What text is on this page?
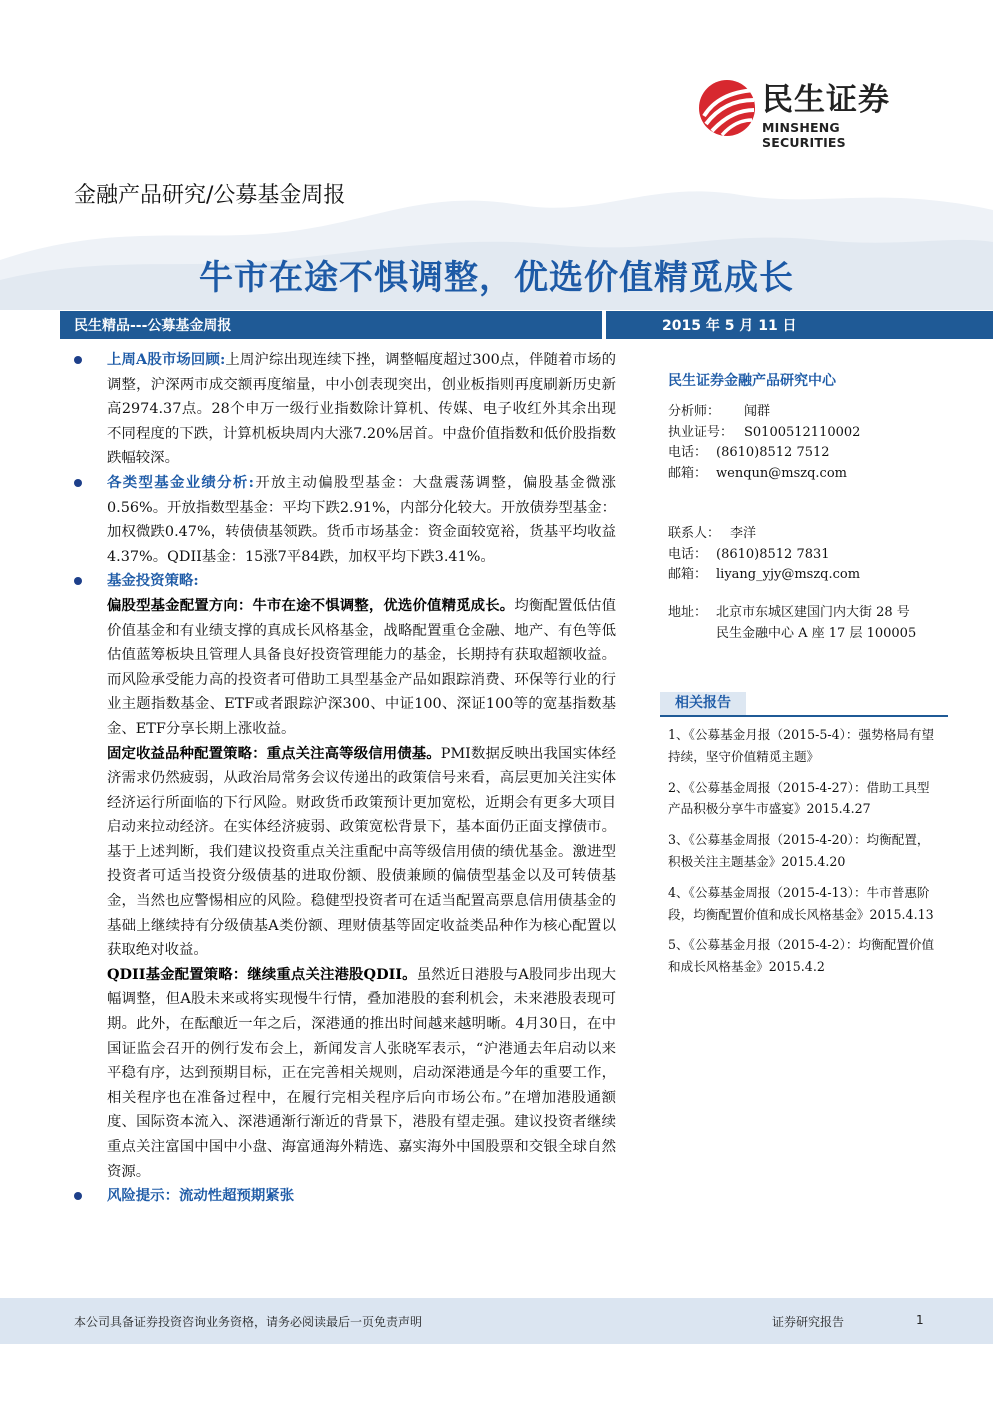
民生证券
MINSHENG SECURITIES
金融产品研究/公募基金周报
牛市在途不惧调整，优选价值精觅成长
民生精品---公募基金周报	2015 年 5 月 11 日
上周A股市场回顾:上周沪综出现连续下挫，调整幅度超过300点，伴随着市场的调整，沪深两市成交额再度缩量，中小创表现突出，创业板指则再度刷新历史新高2974.37点。28个申万一级行业指数除计算机、传媒、电子收红外其余出现不同程度的下跌，计算机板块周内大涨7.20%居首。中盘价值指数和低价股指数跌幅较深。
各类型基金业绩分析:开放主动偏股型基金：大盘震荡调整，偏股基金微涨0.56%。开放指数型基金：平均下跌2.91%，内部分化较大。开放债券型基金：加权微跌0.47%，转债债基领跌。货币市场基金：资金面较宽裕，货基平均收益4.37%。QDII基金：15涨7平84跌，加权平均下跌3.41%。
基金投资策略:
偏股型基金配置方向：牛市在途不惧调整，优选价值精觅成长。均衡配置低估值价值基金和有业绩支撑的真成长风格基金，战略配置重仓金融、地产、有色等低估值蓝筹板块且管理人具备良好投资管理能力的基金，长期持有获取超额收益。而风险承受能力高的投资者可借助工具型基金产品如跟踪消费、环保等行业的行业主题指数基金、ETF或者跟踪沪深300、中证100、深证100等的宽基指数基金、ETF分享长期上涨收益。
固定收益品种配置策略：重点关注高等级信用债基。PMI数据反映出我国实体经济需求仍然疲弱，从政治局常务会议传递出的政策信号来看，高层更加关注实体经济运行所面临的下行风险。财政货币政策预计更加宽松，近期会有更多大项目启动来拉动经济。在实体经济疲弱、政策宽松背景下，基本面仍正面支撑债市。基于上述判断，我们建议投资重点关注重配中高等级信用债的绩优基金。激进型投资者可适当投资分级债基的进取份额、股债兼顾的偏债型基金以及可转债基金，当然也应警惕相应的风险。稳健型投资者可在适当配置高票息信用债基金的基础上继续持有分级债基A类份额、理财债基等固定收益类品种作为核心配置以获取绝对收益。
QDII基金配置策略：继续重点关注港股QDII。虽然近日港股与A股同步出现大幅调整，但A股未来或将实现慢牛行情，叠加港股的套利机会，未来港股表现可期。此外，在酝酿近一年之后，深港通的推出时间越来越明晰。4月30日，在中国证监会召开的例行发布会上，新闻发言人张晓军表示，“沪港通去年启动以来平稳有序，达到预期目标，正在完善相关规则，启动深港通是今年的重要工作，相关程序也在准备过程中，在履行完相关程序后向市场公布。”在增加港股通额度、国际资本流入、深港通渐行渐近的背景下，港股有望走强。建议投资者继续重点关注富国中国中小盘、海富通海外精选、嘉实海外中国股票和交银全球自然资源。
风险提示：流动性超预期紧张
民生证券金融产品研究中心
分析师：	闻群
执业证号： S0100512110002
电话： (8610)8512 7512
邮箱： wenqun@mszq.com
联系人： 李洋
电话： (8610)8512 7831
邮箱： liyang_yjy@mszq.com
地址： 北京市东城区建国门内大街 28 号
民生金融中心 A 座 17 层 100005
相关报告
1、《公募基金月报（2015-5-4）：强势格局有望持续，坚守价值精觅主题》
2、《公募基金周报（2015-4-27）：借助工具型产品积极分享牛市盛宴》2015.4.27
3、《公募基金周报（2015-4-20）：均衡配置，积极关注主题基金》2015.4.20
4、《公募基金周报（2015-4-13）：牛市普惠阶段，均衡配置价值和成长风格基金》2015.4.13
5、《公募基金月报（2015-4-2）：均衡配置价值和成长风格基金》2015.4.2
本公司具备证券投资咨询业务资格，请务必阅读最后一页免责声明	证券研究报告	1
